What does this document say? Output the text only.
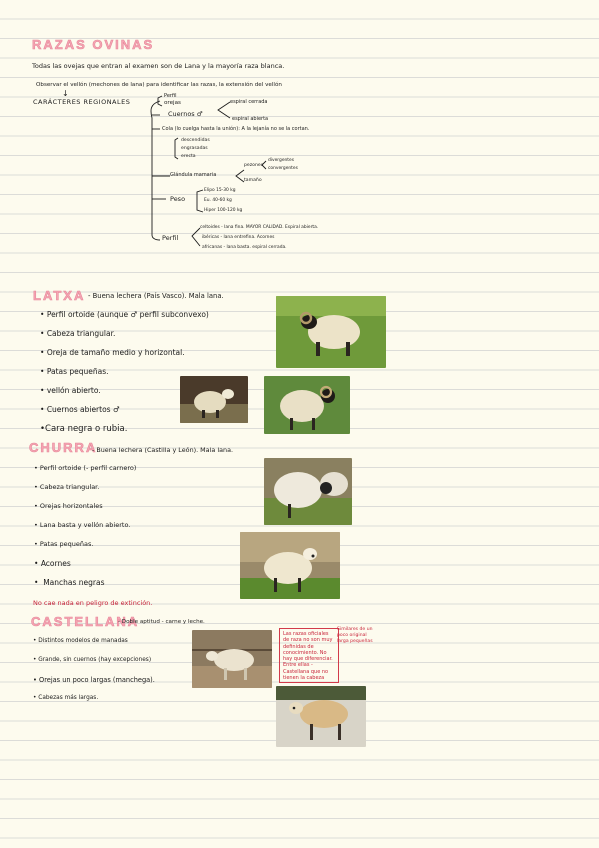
RAZAS OVINAS
Todas las ovejas que entran al examen son de Lana y la mayoría raza blanca.
Observar el vellón (mechones de lana) para identificar las razas, la extensión del vellón
↓
CARÁCTERES REGIONALES
Perfil
orejas
Cuernos ♂
espiral cerrada
espiral abierta
Cola (lo cuelga hasta la unión): A la lejanía no se la cortan.
descendidas
engrasadas
erecta
Glándula mamaria
pezones
divergentes
convergentes
tamaño
Peso
Elipo 15-30 kg
Eu. 40-60 kg
Hiper 100-120 kg
Perfil
celtoides - lana fina. MAYOR CALIDAD. Espiral abierta.
ibéricas - lana entrefina. Acornes
africanas - lana basta. espiral cerrada.
LATXA - Buena lechera (País Vasco). Mala lana.
• Perfil ortoide (aunque ♂ perfil subconvexo)
• Cabeza triangular.
• Oreja de tamaño medio y horizontal.
• Patas pequeñas.
• vellón abierto.
• Cuernos abiertos ♂
•Cara negra o rubia.
CHURRA
- Buena lechera (Castilla y León). Mala lana.
• Perfil ortoide (- perfil carnero)
• Cabeza triangular.
• Orejas horizontales
• Lana basta y vellón abierto.
• Patas pequeñas.
• Acornes
•  Manchas negras
No cae nada en peligro de extinción.
CASTELLANA
- Doble aptitud - carne y leche.
• Distintos modelos de manadas
• Grande, sin cuernos (hay excepciones)
• Orejas un poco largas (manchega).
• Cabezas más largas.
Las razas oficiales de raza no son muy definidas de conocimiento. No hay que diferenciar. Entre ellas - Castellana que no tienen la cabeza
Similares de un poco original larga pequeñas
